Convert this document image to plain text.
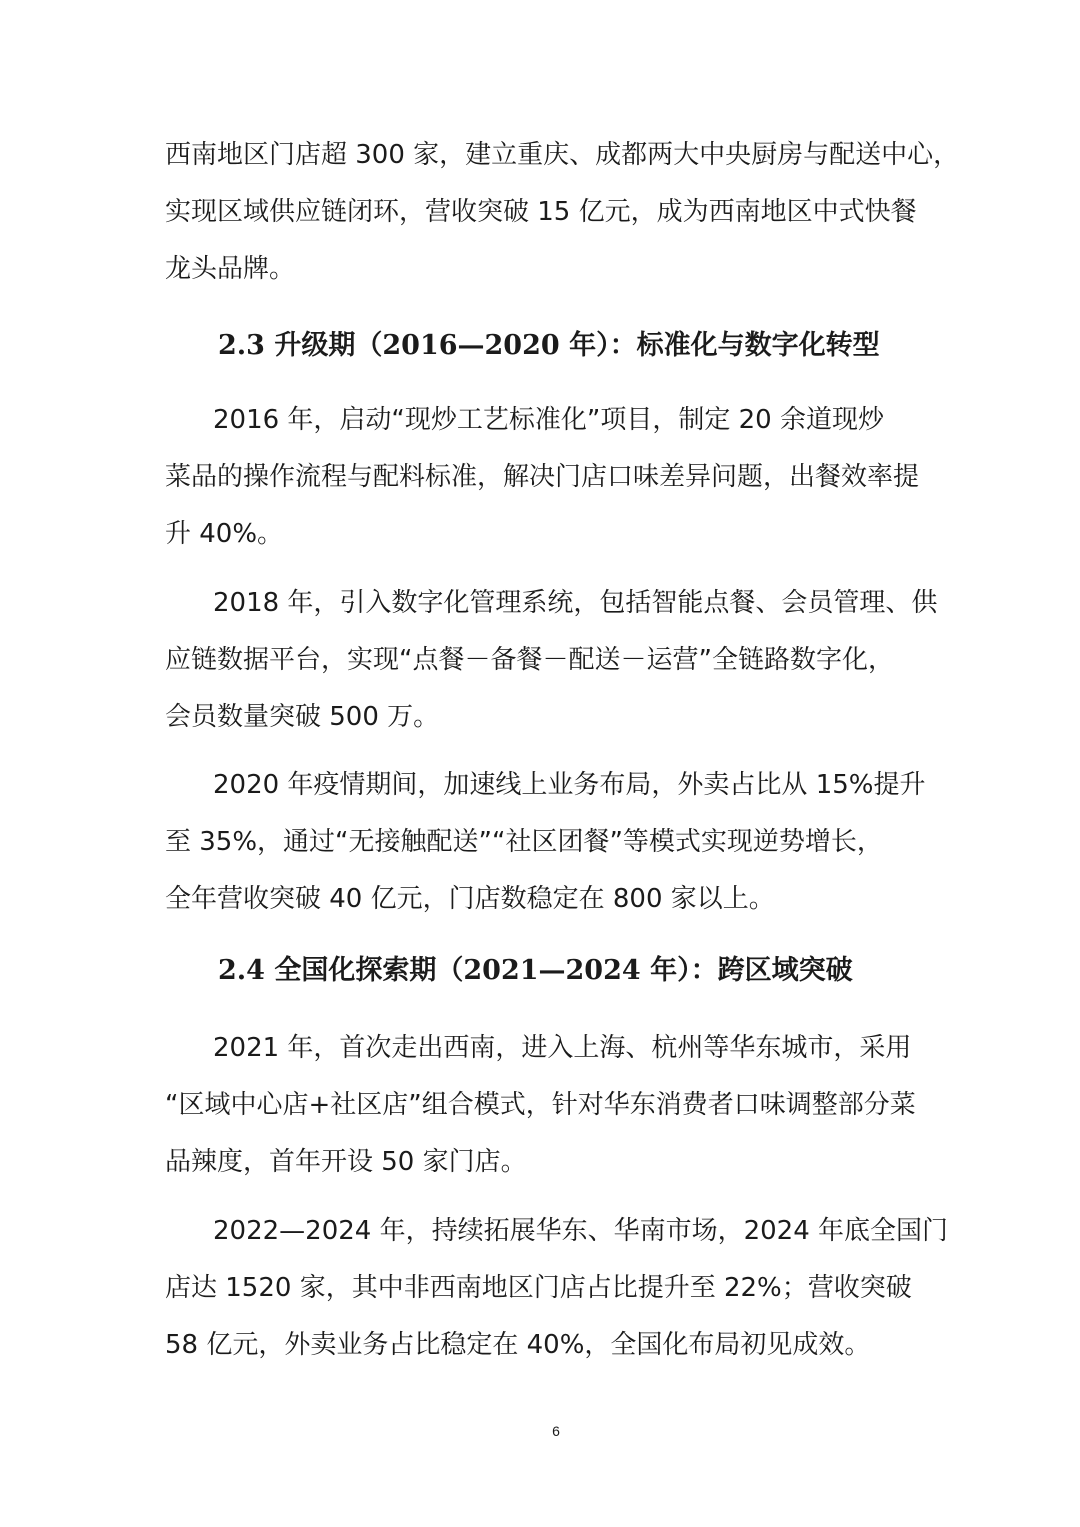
西南地区门店超 300 家，建立重庆、成都两大中央厨房与配送中心，
实现区域供应链闭环，营收突破 15 亿元，成为西南地区中式快餐
龙头品牌。
2.3 升级期（2016—2020 年）：标准化与数字化转型
2016 年，启动“现炒工艺标准化”项目，制定 20 余道现炒
菜品的操作流程与配料标准，解决门店口味差异问题，出餐效率提
升 40%。
2018 年，引入数字化管理系统，包括智能点餐、会员管理、供
应链数据平台，实现“点餐－备餐－配送－运营”全链路数字化，
会员数量突破 500 万。
2020 年疫情期间，加速线上业务布局，外卖占比从 15%提升
至 35%，通过“无接触配送”“社区团餐”等模式实现逆势增长，
全年营收突破 40 亿元，门店数稳定在 800 家以上。
2.4 全国化探索期（2021—2024 年）：跨区域突破
2021 年，首次走出西南，进入上海、杭州等华东城市，采用
“区域中心店+社区店”组合模式，针对华东消费者口味调整部分菜
品辣度，首年开设 50 家门店。
2022—2024 年，持续拓展华东、华南市场，2024 年底全国门
店达 1520 家，其中非西南地区门店占比提升至 22%；营收突破
58 亿元，外卖业务占比稳定在 40%，全国化布局初见成效。
6
